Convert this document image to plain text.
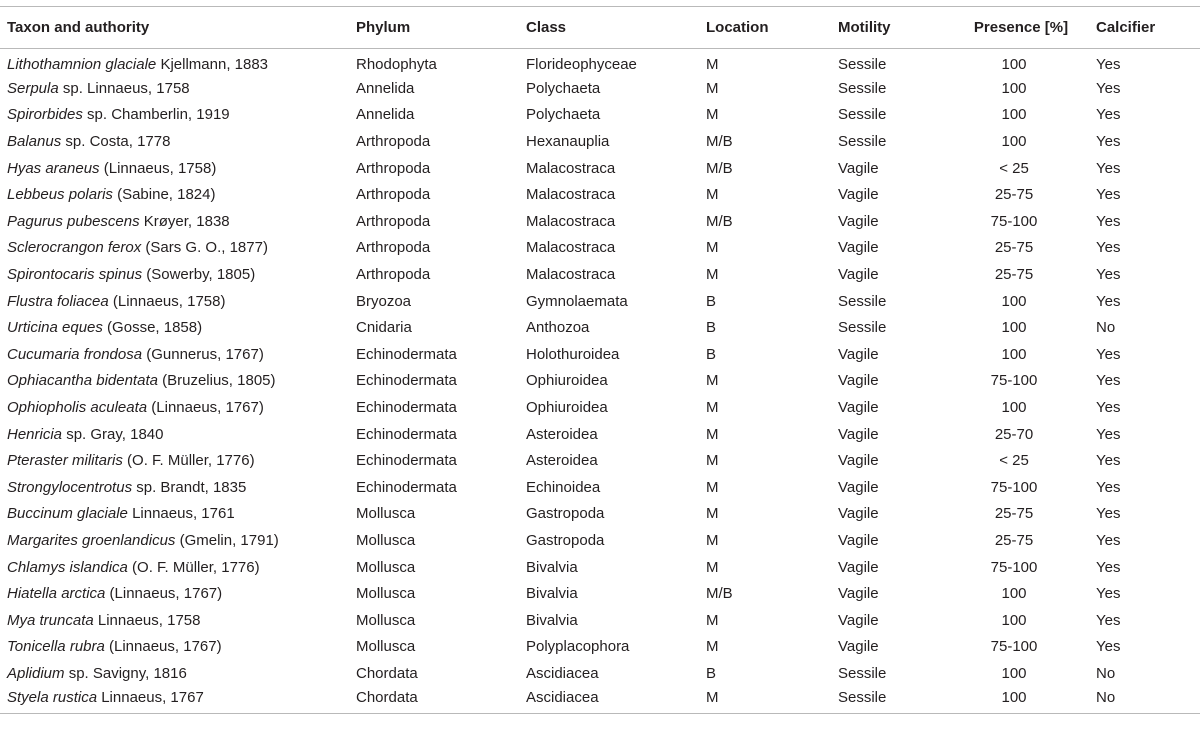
Taxon and authority	Phylum	Class	Location	Motility	Presence [%]	Calcifier
Lithothamnion glaciale Kjellmann, 1883	Rhodophyta	Florideophyceae	M	Sessile	100	Yes
Serpula sp. Linnaeus, 1758	Annelida	Polychaeta	M	Sessile	100	Yes
Spirorbides sp. Chamberlin, 1919	Annelida	Polychaeta	M	Sessile	100	Yes
Balanus sp. Costa, 1778	Arthropoda	Hexanauplia	M/B	Sessile	100	Yes
Hyas araneus (Linnaeus, 1758)	Arthropoda	Malacostraca	M/B	Vagile	< 25	Yes
Lebbeus polaris (Sabine, 1824)	Arthropoda	Malacostraca	M	Vagile	25-75	Yes
Pagurus pubescens Krøyer, 1838	Arthropoda	Malacostraca	M/B	Vagile	75-100	Yes
Sclerocrangon ferox (Sars G. O., 1877)	Arthropoda	Malacostraca	M	Vagile	25-75	Yes
Spirontocaris spinus (Sowerby, 1805)	Arthropoda	Malacostraca	M	Vagile	25-75	Yes
Flustra foliacea (Linnaeus, 1758)	Bryozoa	Gymnolaemata	B	Sessile	100	Yes
Urticina eques (Gosse, 1858)	Cnidaria	Anthozoa	B	Sessile	100	No
Cucumaria frondosa (Gunnerus, 1767)	Echinodermata	Holothuroidea	B	Vagile	100	Yes
Ophiacantha bidentata (Bruzelius, 1805)	Echinodermata	Ophiuroidea	M	Vagile	75-100	Yes
Ophiopholis aculeata (Linnaeus, 1767)	Echinodermata	Ophiuroidea	M	Vagile	100	Yes
Henricia sp. Gray, 1840	Echinodermata	Asteroidea	M	Vagile	25-70	Yes
Pteraster militaris (O. F. Müller, 1776)	Echinodermata	Asteroidea	M	Vagile	< 25	Yes
Strongylocentrotus sp. Brandt, 1835	Echinodermata	Echinoidea	M	Vagile	75-100	Yes
Buccinum glaciale Linnaeus, 1761	Mollusca	Gastropoda	M	Vagile	25-75	Yes
Margarites groenlandicus (Gmelin, 1791)	Mollusca	Gastropoda	M	Vagile	25-75	Yes
Chlamys islandica (O. F. Müller, 1776)	Mollusca	Bivalvia	M	Vagile	75-100	Yes
Hiatella arctica (Linnaeus, 1767)	Mollusca	Bivalvia	M/B	Vagile	100	Yes
Mya truncata Linnaeus, 1758	Mollusca	Bivalvia	M	Vagile	100	Yes
Tonicella rubra (Linnaeus, 1767)	Mollusca	Polyplacophora	M	Vagile	75-100	Yes
Aplidium sp. Savigny, 1816	Chordata	Ascidiacea	B	Sessile	100	No
Styela rustica Linnaeus, 1767	Chordata	Ascidiacea	M	Sessile	100	No
